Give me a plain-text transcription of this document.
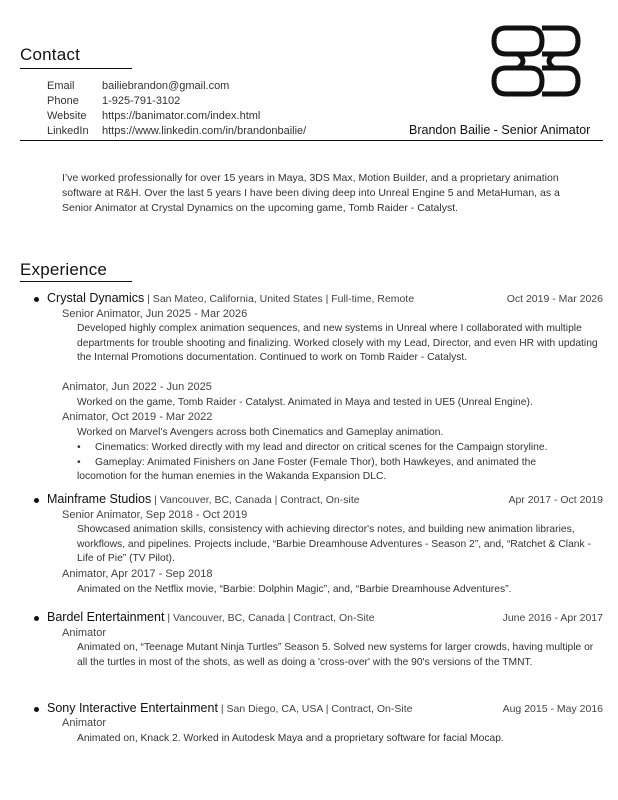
Contact
Email	bailiebrandon@gmail.com
Phone	1-925-791-3102
Website	https://banimator.com/index.html
LinkedIn	https://www.linkedin.com/in/brandonbailie/	Brandon Bailie - Senior Animator
I’ve worked professionally for over 15 years in Maya, 3DS Max, Motion Builder, and a proprietary animation software at R&H. Over the last 5 years I have been diving deep into Unreal Engine 5 and MetaHuman, as a Senior Animator at Crystal Dynamics on the upcoming game, Tomb Raider - Catalyst.
Experience
Crystal Dynamics | San Mateo, California, United States | Full-time, Remote	Oct 2019 - Mar 2026
Senior Animator, Jun 2025 - Mar 2026
Developed highly complex animation sequences, and new systems in Unreal where I collaborated with multiple departments for trouble shooting and finalizing. Worked closely with my Lead, Director, and even HR with updating the Internal Promotions documentation. Continued to work on Tomb Raider - Catalyst.
Animator, Jun 2022 - Jun 2025
Worked on the game, Tomb Raider - Catalyst. Animated in Maya and tested in UE5 (Unreal Engine).
Animator, Oct 2019 - Mar 2022
Worked on Marvel’s Avengers across both Cinematics and Gameplay animation.
• Cinematics: Worked directly with my lead and director on critical scenes for the Campaign storyline.
• Gameplay: Animated Finishers on Jane Foster (Female Thor), both Hawkeyes, and animated the
locomotion for the human enemies in the Wakanda Expansion DLC.
Mainframe Studios | Vancouver, BC, Canada | Contract, On-site	Apr 2017 - Oct 2019
Senior Animator, Sep 2018 - Oct 2019
Showcased animation skills, consistency with achieving director's notes, and building new animation libraries, workflows, and pipelines. Projects include, “Barbie Dreamhouse Adventures - Season 2”, and, “Ratchet & Clank - Life of Pie” (TV Pilot).
Animator, Apr 2017 - Sep 2018
Animated on the Netflix movie, “Barbie: Dolphin Magic”, and, “Barbie Dreamhouse Adventures”.
Bardel Entertainment | Vancouver, BC, Canada | Contract, On-Site	June 2016 - Apr 2017
Animator
Animated on, “Teenage Mutant Ninja Turtles” Season 5. Solved new systems for larger crowds, having multiple or all the turtles in most of the shots, as well as doing a 'cross-over' with the 90's versions of the TMNT.
Sony Interactive Entertainment | San Diego, CA, USA | Contract, On-Site	Aug 2015 - May 2016
Animator
Animated on, Knack 2. Worked in Autodesk Maya and a proprietary software for facial Mocap.
